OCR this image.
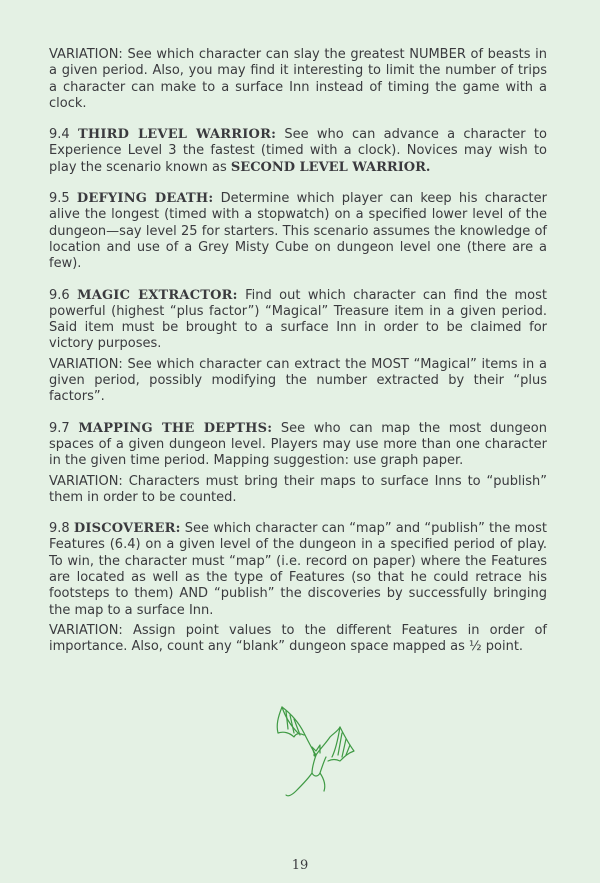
VARIATION: See which character can slay the greatest NUMBER of beasts in a given period. Also, you may find it interesting to limit the number of trips a character can make to a surface Inn instead of timing the game with a clock.

9.4 THIRD LEVEL WARRIOR: See who can advance a character to Experience Level 3 the fastest (timed with a clock). Novices may wish to play the scenario known as SECOND LEVEL WARRIOR.

9.5 DEFYING DEATH: Determine which player can keep his character alive the longest (timed with a stopwatch) on a specified lower level of the dungeon—say level 25 for starters. This scenario assumes the knowledge of location and use of a Grey Misty Cube on dungeon level one (there are a few).

9.6 MAGIC EXTRACTOR: Find out which character can find the most powerful (highest “plus factor”) “Magical” Treasure item in a given period. Said item must be brought to a surface Inn in order to be claimed for victory purposes.

VARIATION: See which character can extract the MOST “Magical” items in a given period, possibly modifying the number extracted by their “plus factors”.

9.7 MAPPING THE DEPTHS: See who can map the most dungeon spaces of a given dungeon level. Players may use more than one character in the given time period. Mapping suggestion: use graph paper.

VARIATION: Characters must bring their maps to surface Inns to “publish” them in order to be counted.

9.8 DISCOVERER: See which character can “map” and “publish” the most Features (6.4) on a given level of the dungeon in a specified period of play. To win, the character must “map” (i.e. record on paper) where the Features are located as well as the type of Features (so that he could retrace his footsteps to them) AND “publish” the discoveries by successfully bringing the map to a surface Inn.

VARIATION: Assign point values to the different Features in order of importance. Also, count any “blank” dungeon space mapped as ½ point.

19
